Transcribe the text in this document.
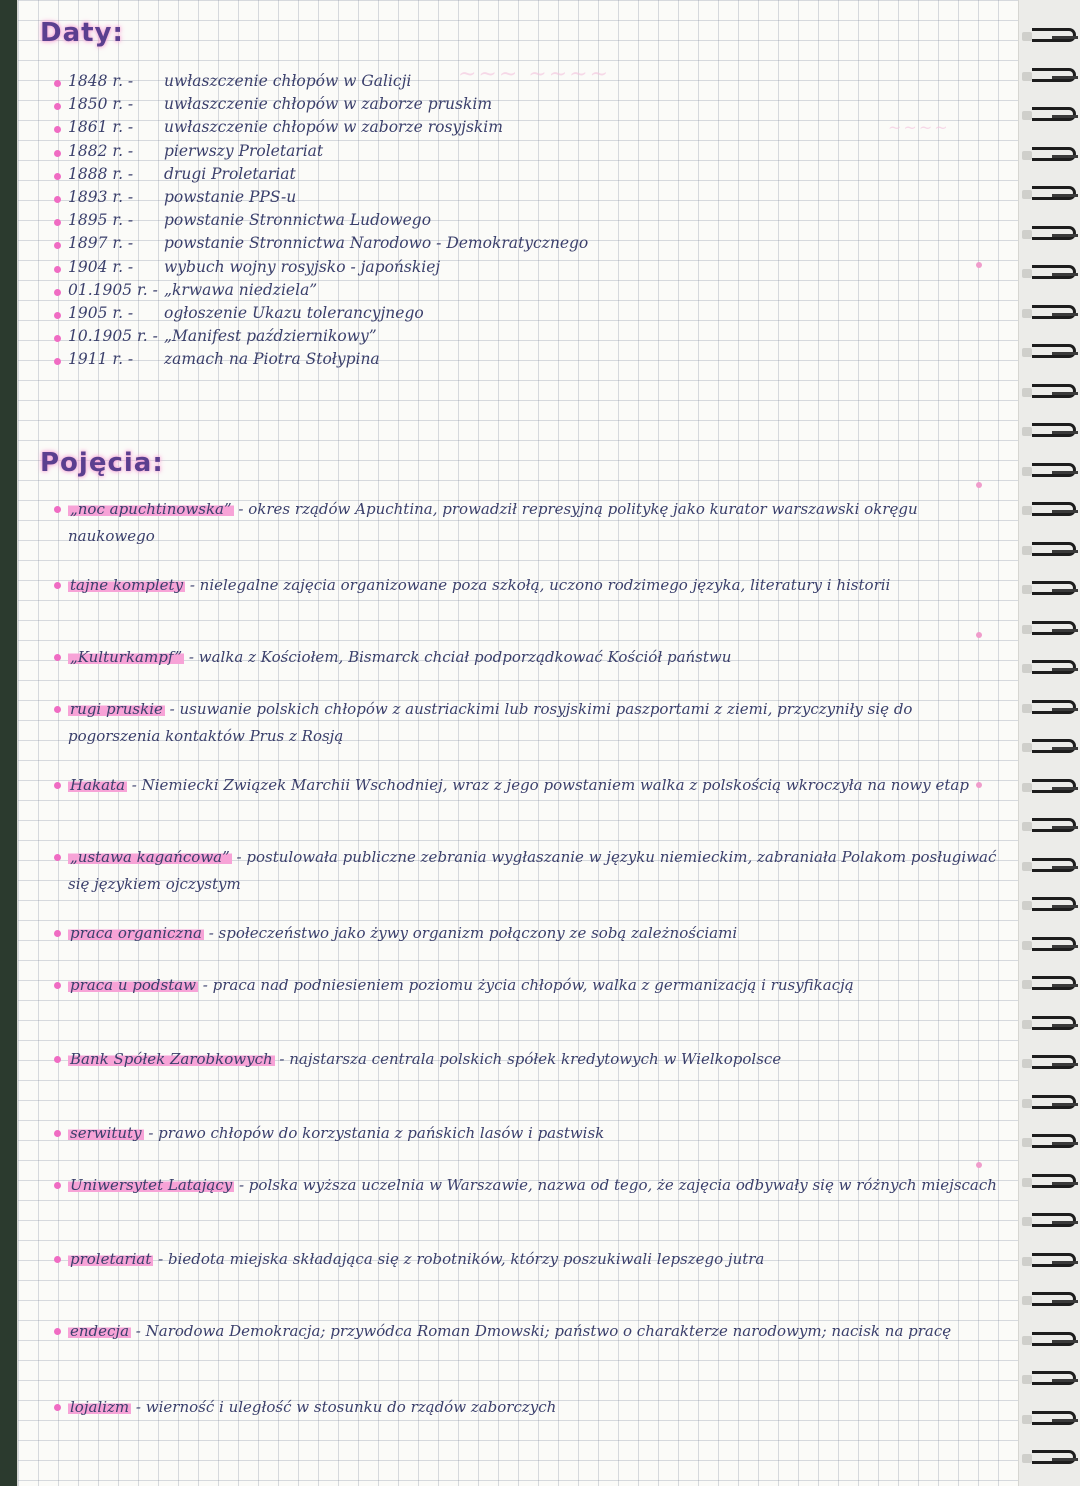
~~~ ~~~~
~~~~
Daty:
1848 r. - uwłaszczenie chłopów w Galicji
1850 r. - uwłaszczenie chłopów w zaborze pruskim
1861 r. - uwłaszczenie chłopów w zaborze rosyjskim
1882 r. - pierwszy Proletariat
1888 r. - drugi Proletariat
1893 r. - powstanie PPS-u
1895 r. - powstanie Stronnictwa Ludowego
1897 r. - powstanie Stronnictwa Narodowo - Demokratycznego
1904 r. - wybuch wojny rosyjsko - japońskiej
01.1905 r. - „krwawa niedziela”
1905 r. - ogłoszenie Ukazu tolerancyjnego
10.1905 r. - „Manifest październikowy”
1911 r. - zamach na Piotra Stołypina
Pojęcia:
„noc apuchtinowska” - okres rządów Apuchtina, prowadził represyjną politykę jako kurator warszawski okręgu naukowego
tajne komplety - nielegalne zajęcia organizowane poza szkołą, uczono rodzimego języka, literatury i historii
„Kulturkampf” - walka z Kościołem, Bismarck chciał podporządkować Kościół państwu
rugi pruskie - usuwanie polskich chłopów z austriackimi lub rosyjskimi paszportami z ziemi, przyczyniły się do pogorszenia kontaktów Prus z Rosją
Hakata - Niemiecki Związek Marchii Wschodniej, wraz z jego powstaniem walka z polskością wkroczyła na nowy etap
„ustawa kagańcowa” - postulowała publiczne zebrania wygłaszanie w języku niemieckim, zabraniała Polakom posługiwać się językiem ojczystym
praca organiczna - społeczeństwo jako żywy organizm połączony ze sobą zależnościami
praca u podstaw - praca nad podniesieniem poziomu życia chłopów, walka z germanizacją i rusyfikacją
Bank Spółek Zarobkowych - najstarsza centrala polskich spółek kredytowych w Wielkopolsce
serwituty - prawo chłopów do korzystania z pańskich lasów i pastwisk
Uniwersytet Latający - polska wyższa uczelnia w Warszawie, nazwa od tego, że zajęcia odbywały się w różnych miejscach
proletariat - biedota miejska składająca się z robotników, którzy poszukiwali lepszego jutra
endecja - Narodowa Demokracja; przywódca Roman Dmowski; państwo o charakterze narodowym; nacisk na pracę
lojalizm - wierność i uległość w stosunku do rządów zaborczych
